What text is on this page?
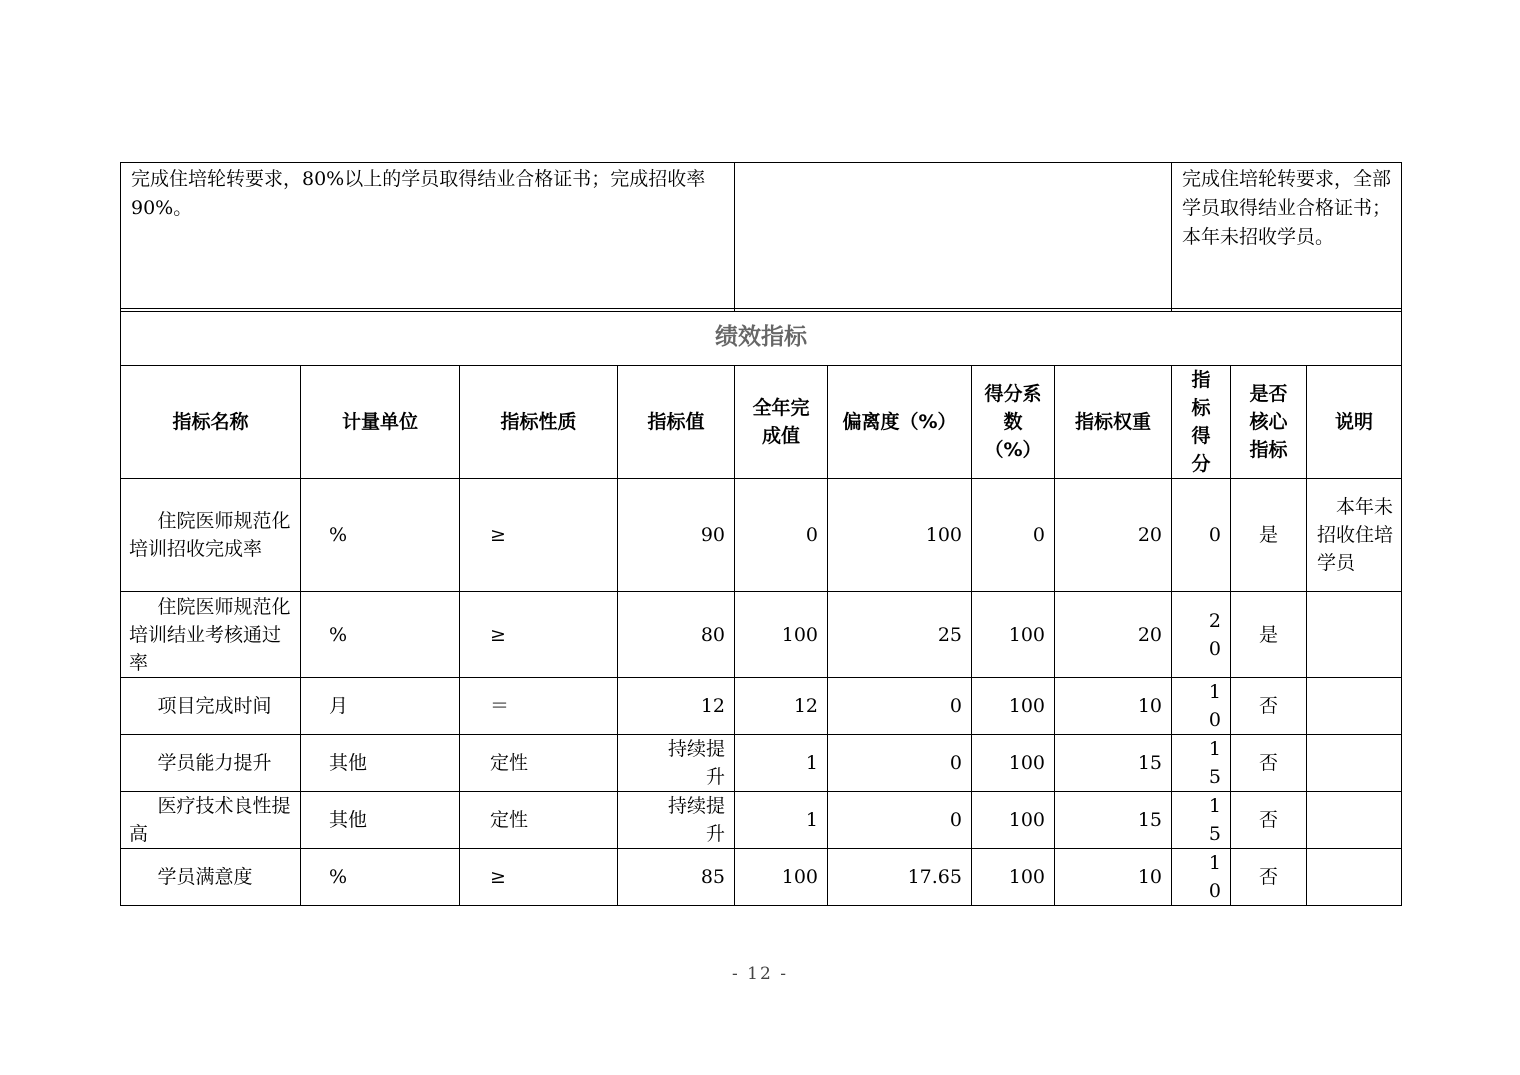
完成住培轮转要求，80%以上的学员取得结业合格证书；完成招收率90%。		完成住培轮转要求，全部学员取得结业合格证书；本年未招收学员。
绩效指标										
指标名称	计量单位	指标性质	指标值	全年完成值	偏离度（%）	得分系数（%）	指标权重	指标得分	是否核心指标	说明
住院医师规范化培训招收完成率	%	≥	90	0	100	0	20	0	是	本年未招收住培学员
住院医师规范化培训结业考核通过率	%	≥	80	100	25	100	20	20	是	
项目完成时间	月	＝	12	12	0	100	10	10	否	
学员能力提升	其他	定性	持续提升	1	0	100	15	15	否	
医疗技术良性提高	其他	定性	持续提升	1	0	100	15	15	否	
学员满意度	%	≥	85	100	17.65	100	10	10	否	
- 12 -
